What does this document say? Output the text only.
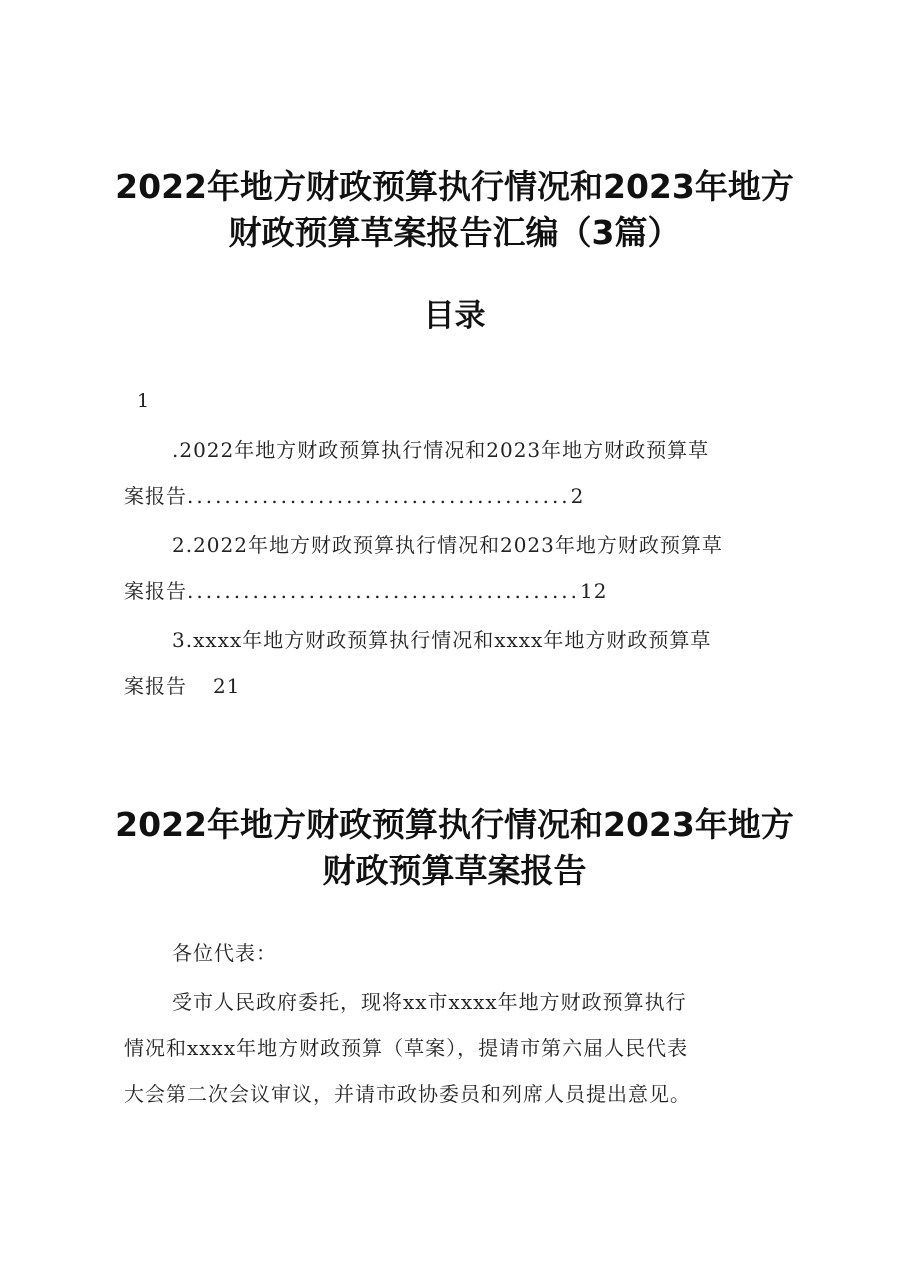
2022年地方财政预算执行情况和2023年地方
财政预算草案报告汇编（3篇）
目录
1
.2022年地方财政预算执行情况和2023年地方财政预算草
案报告.........................................2
2.2022年地方财政预算执行情况和2023年地方财政预算草
案报告..........................................12
3.xxxx年地方财政预算执行情况和xxxx年地方财政预算草
案报告 21
2022年地方财政预算执行情况和2023年地方
财政预算草案报告
各位代表：
受市人民政府委托，现将xx市xxxx年地方财政预算执行
情况和xxxx年地方财政预算（草案），提请市第六届人民代表
大会第二次会议审议，并请市政协委员和列席人员提出意见。
